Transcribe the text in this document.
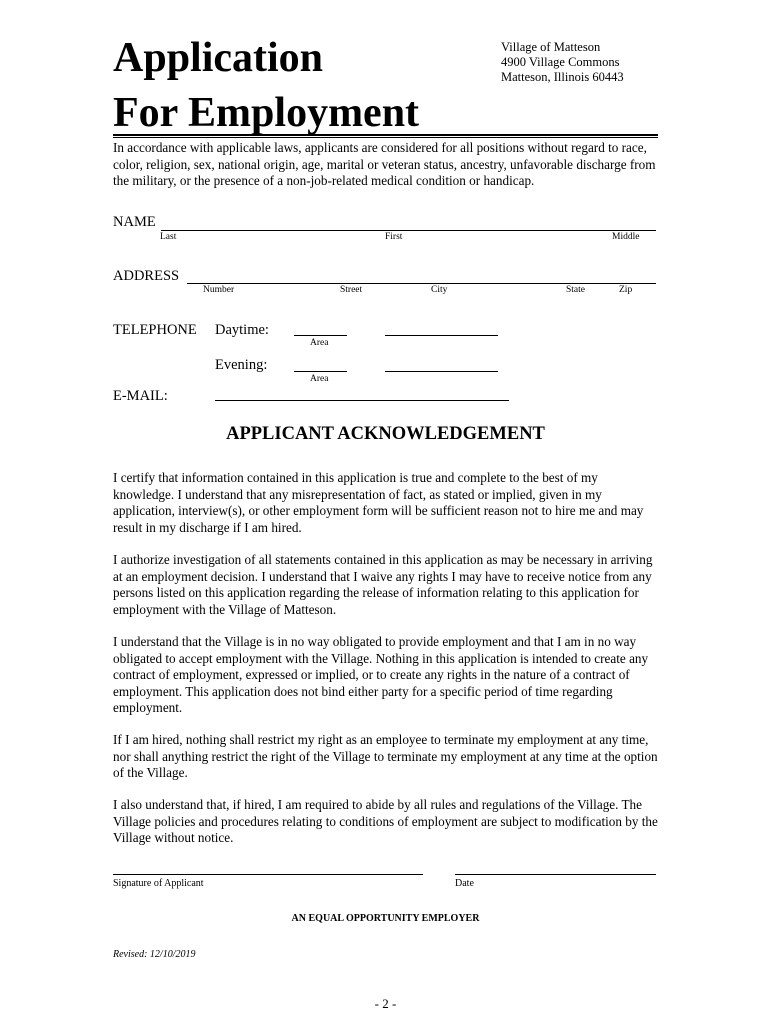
Application
For Employment
Village of Matteson
4900 Village Commons
Matteson, Illinois 60443
In accordance with applicable laws, applicants are considered for all positions without regard to race, color, religion, sex, national origin, age, marital or veteran status, ancestry, unfavorable discharge from the military, or the presence of a non-job-related medical condition or handicap.
NAME
Last	First	Middle
ADDRESS
Number	Street	City	State	Zip
TELEPHONE Daytime:
Area
Evening:
Area
E-MAIL:
APPLICANT ACKNOWLEDGEMENT
I certify that information contained in this application is true and complete to the best of my knowledge. I understand that any misrepresentation of fact, as stated or implied, given in my application, interview(s), or other employment form will be sufficient reason not to hire me and may result in my discharge if I am hired.
I authorize investigation of all statements contained in this application as may be necessary in arriving at an employment decision. I understand that I waive any rights I may have to receive notice from any persons listed on this application regarding the release of information relating to this application for employment with the Village of Matteson.
I understand that the Village is in no way obligated to provide employment and that I am in no way obligated to accept employment with the Village. Nothing in this application is intended to create any contract of employment, expressed or implied, or to create any rights in the nature of a contract of employment. This application does not bind either party for a specific period of time regarding employment.
If I am hired, nothing shall restrict my right as an employee to terminate my employment at any time, nor shall anything restrict the right of the Village to terminate my employment at any time at the option of the Village.
I also understand that, if hired, I am required to abide by all rules and regulations of the Village. The Village policies and procedures relating to conditions of employment are subject to modification by the Village without notice.
Signature of Applicant	Date
AN EQUAL OPPORTUNITY EMPLOYER
Revised: 12/10/2019
- 2 -
